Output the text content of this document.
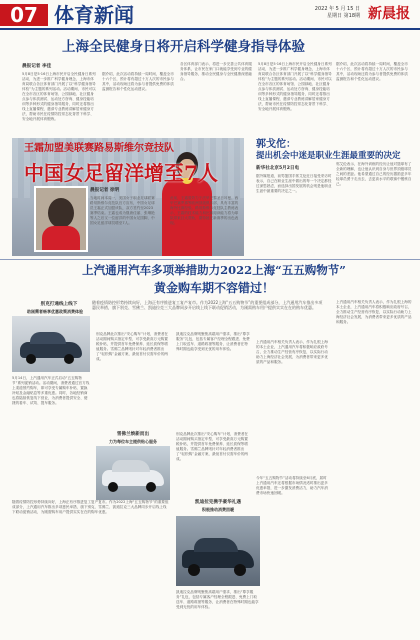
07 体育新闻	2022 年 5 月 15 日
星期日 第18期 新晨报
上海全民健身日将开启科学健身指导体验
晨报记者 李佳
5月8日是5·16日上海市民开启全民健身日系列活动，为进一步推广科学健身理念，上海市体育局联合各区体育部门开展了以“科学健身指导体验”为主题的系列活动。活动期间，市民可以在全市各区的体育场馆、公园绿地、社区健身点参与体质测试、运动处方咨询、健身技能培训等多种形式的健身指导服务，同时还将推出线上直播课程，邀请专业教练讲解居家健身方法，帮助市民在疫情防控常态化背景下科学、安全地开展体育锻炼。
据介绍，此次活动将持续一周时间，覆盖全市十六个区，预计将有超过十万人次的市民参与其中，活动现场还将为参与者提供免费的体质监测报告和个性化运动建议。
各区体育部门表示，将进一步完善公共体育服务体系，让市民在家门口就能享受到专业的健身指导服务，推动全民健身与全民健康深度融合。
5月8日是5·16日上海市民开启全民健身日系列活动，为进一步推广科学健身理念，上海市体育局联合各区体育部门开展了以“科学健身指导体验”为主题的系列活动。活动期间，市民可以在全市各区的体育场馆、公园绿地、社区健身点参与体质测试、运动处方咨询、健身技能培训等多种形式的健身指导服务，同时还将推出线上直播课程，邀请专业教练讲解居家健身方法，帮助市民在疫情防控常态化背景下科学、安全地开展体育锻炼。
据介绍，此次活动将持续一周时间，覆盖全市十六个区，预计将有超过十万人次的市民参与其中，活动现场还将为参与者提供免费的体质监测报告和个性化运动建议。
王霜加盟美联赛路易斯维尔竞技队
中国女足留洋增至7人
晨报记者 徐明
当地时间本周一，美国女子职业足球联赛路易斯维尔竞技队官方宣布，中国女足球员王霜正式加盟该队，双方签约至2023赛季结束。王霜也成为继唐佳丽、张琳艳等人之后又一位留洋的中国女足国脚，中国女足留洋球员增至7人。
此前，王霜曾效力于法甲巴黎圣日耳曼、西甲巴塞罗那等欧洲顶级俱乐部，具有丰富的海外比赛经验。路易斯维尔竞技队主教练表示，王霜的技术能力和比赛阅读能力将为球队带来巨大帮助，期待她在新赛季的出色表现。
郭戈佗：
提出机会中迷是职业生涯最重要的决定
新华社北京5月2日电
据外媒报道，前男篮国手郭艾伦近日接受采访时表示，自己在职业生涯中做出的每一个决定都经过深思熟虑，而选择出国发展的机会则是他职业生涯中最重要的决定之一。
郭艾伦表示，在海外训练的经历让他对篮球有了全新的理解，也让他认识到自身与世界顶级球员之间的差距。他希望通过自己的经历激励更多年轻球员勇于走出去，去更高水平的联赛中锻炼自己。
上汽通用汽车多项举措助力2022上海“五五购物节”
黄金购车期不容错过！
随着疫情防控形势持续向好，上海正有序推进复工复产复市。作为2022上海“五五购物节”的重要组成部分，上汽通用汽车推出多项惠民举措，旗下别克、雪佛兰、凯迪拉克三大品牌同步开启线上线下联动促销活动，为刚需购车用户提供实实在在的购车优惠。
别克打通线上线下
助刚需者畅享优惠政策消费体验
5月14日，上汽通用汽车正式启动“五五购物节”系列促销活动。活动期间，消费者通过官方线上渠道预约购车，即可享受专属购车补贴、置换补贴及金融贴息等多重优惠。同时，各地经销商也将陆续恢复线下营业，为消费者提供安全、便捷的看车、试驾、提车服务。
别克品牌此次推出“安心购车”计划，消费者在活动期间购买指定车型，可享受最高万元购置税补贴，并提供首年免费保养、延长质保等增值服务。雪佛兰品牌则针对年轻消费者推出了“轻松购”金融方案，最低首付仅需车价的两成。
凯迪拉克品牌则聚焦高端用户需求，推出“尊享服务”礼包，包括专属客户经理全程跟进、免费上门取送车、道路救援等服务，让消费者在特殊时期也能享受到无忧的用车体验。
上汽通用汽车相关负责人表示，作为扎根上海的本土企业，上汽通用汽车将积极响应政府号召，全力推动生产经营有序恢复，以实际行动助力上海经济社会发展，为消费者带来更多优质的产品和服务。
雪佛兰焕新而出
力为每位车主提供贴心服务
别克品牌此次推出“安心购车”计划，消费者在活动期间购买指定车型，可享受最高万元购置税补贴，并提供首年免费保养、延长质保等增值服务。雪佛兰品牌则针对年轻消费者推出了“轻松购”金融方案，最低首付仅需车价的两成。
凯迪拉克携手豪华礼遇
积极推动消费回暖
随着疫情防控形势持续向好，上海正有序推进复工复产复市。作为2022上海“五五购物节”的重要组成部分，上汽通用汽车推出多项惠民举措，旗下别克、雪佛兰、凯迪拉克三大品牌同步开启线上线下联动促销活动，为刚需购车用户提供实实在在的购车优惠。
凯迪拉克品牌则聚焦高端用户需求，推出“尊享服务”礼包，包括专属客户经理全程跟进、免费上门取送车、道路救援等服务，让消费者在特殊时期也能享受到无忧的用车体验。
今年“五五购物节”活动将持续至6月底，届时上汽通用汽车还将根据市场情况适时推出更多优惠举措，进一步激发消费活力，助力汽车消费市场快速回暖。
上汽通用汽车相关负责人表示，作为扎根上海的本土企业，上汽通用汽车将积极响应政府号召，全力推动生产经营有序恢复，以实际行动助力上海经济社会发展，为消费者带来更多优质的产品和服务。
